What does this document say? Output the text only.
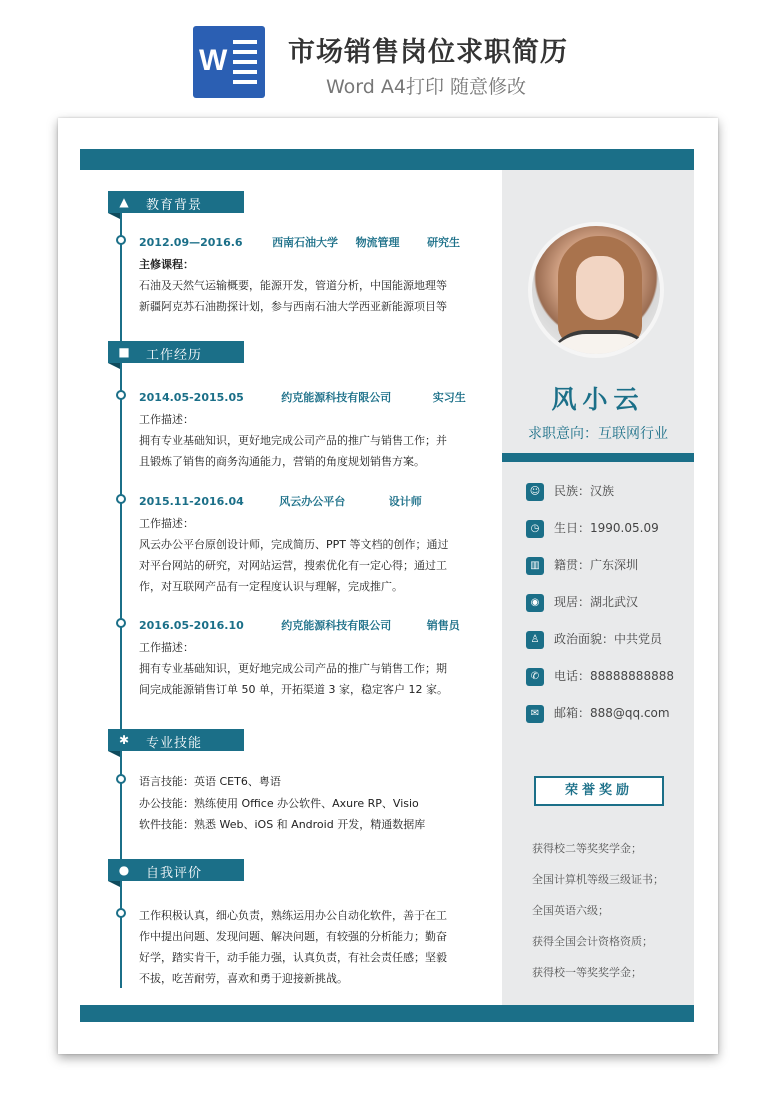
W 市场销售岗位求职简历
Word A4打印 随意修改
▲ 教育背景
2012.09—2016.6	西南石油大学 物流管理	研究生
主修课程：
石油及天然气运输概要，能源开发，管道分析，中国能源地理等
新疆阿克苏石油勘探计划，参与西南石油大学西亚新能源项目等
■ 工作经历
2014.05-2015.05	约克能源科技有限公司	实习生
工作描述：
拥有专业基础知识，更好地完成公司产品的推广与销售工作；并
且锻炼了销售的商务沟通能力，营销的角度规划销售方案。
2015.11-2016.04	风云办公平台	设计师
工作描述：
风云办公平台原创设计师，完成简历、PPT 等文档的创作；通过
对平台网站的研究，对网站运营，搜索优化有一定心得；通过工
作，对互联网产品有一定程度认识与理解，完成推广。
2016.05-2016.10	约克能源科技有限公司	销售员
工作描述：
拥有专业基础知识，更好地完成公司产品的推广与销售工作；期
间完成能源销售订单 50 单，开拓渠道 3 家，稳定客户 12 家。
✱ 专业技能
语言技能：英语 CET6、粤语
办公技能：熟练使用 Office 办公软件、Axure RP、Visio
软件技能：熟悉 Web、iOS 和 Android 开发，精通数据库
● 自我评价
工作积极认真，细心负责，熟练运用办公自动化软件，善于在工
作中提出问题、发现问题、解决问题，有较强的分析能力；勤奋
好学，踏实肯干，动手能力强，认真负责，有社会责任感；坚毅
不拔，吃苦耐劳，喜欢和勇于迎接新挑战。
风小云
求职意向：互联网行业
☺ 民族：汉族
◷ 生日：1990.05.09
▥ 籍贯：广东深圳
◉ 现居：湖北武汉
♙ 政治面貌：中共党员
✆ 电话：88888888888
✉ 邮箱：888@qq.com
荣誉奖励
获得校二等奖奖学金；
全国计算机等级三级证书；
全国英语六级；
获得全国会计资格资质；
获得校一等奖奖学金；
